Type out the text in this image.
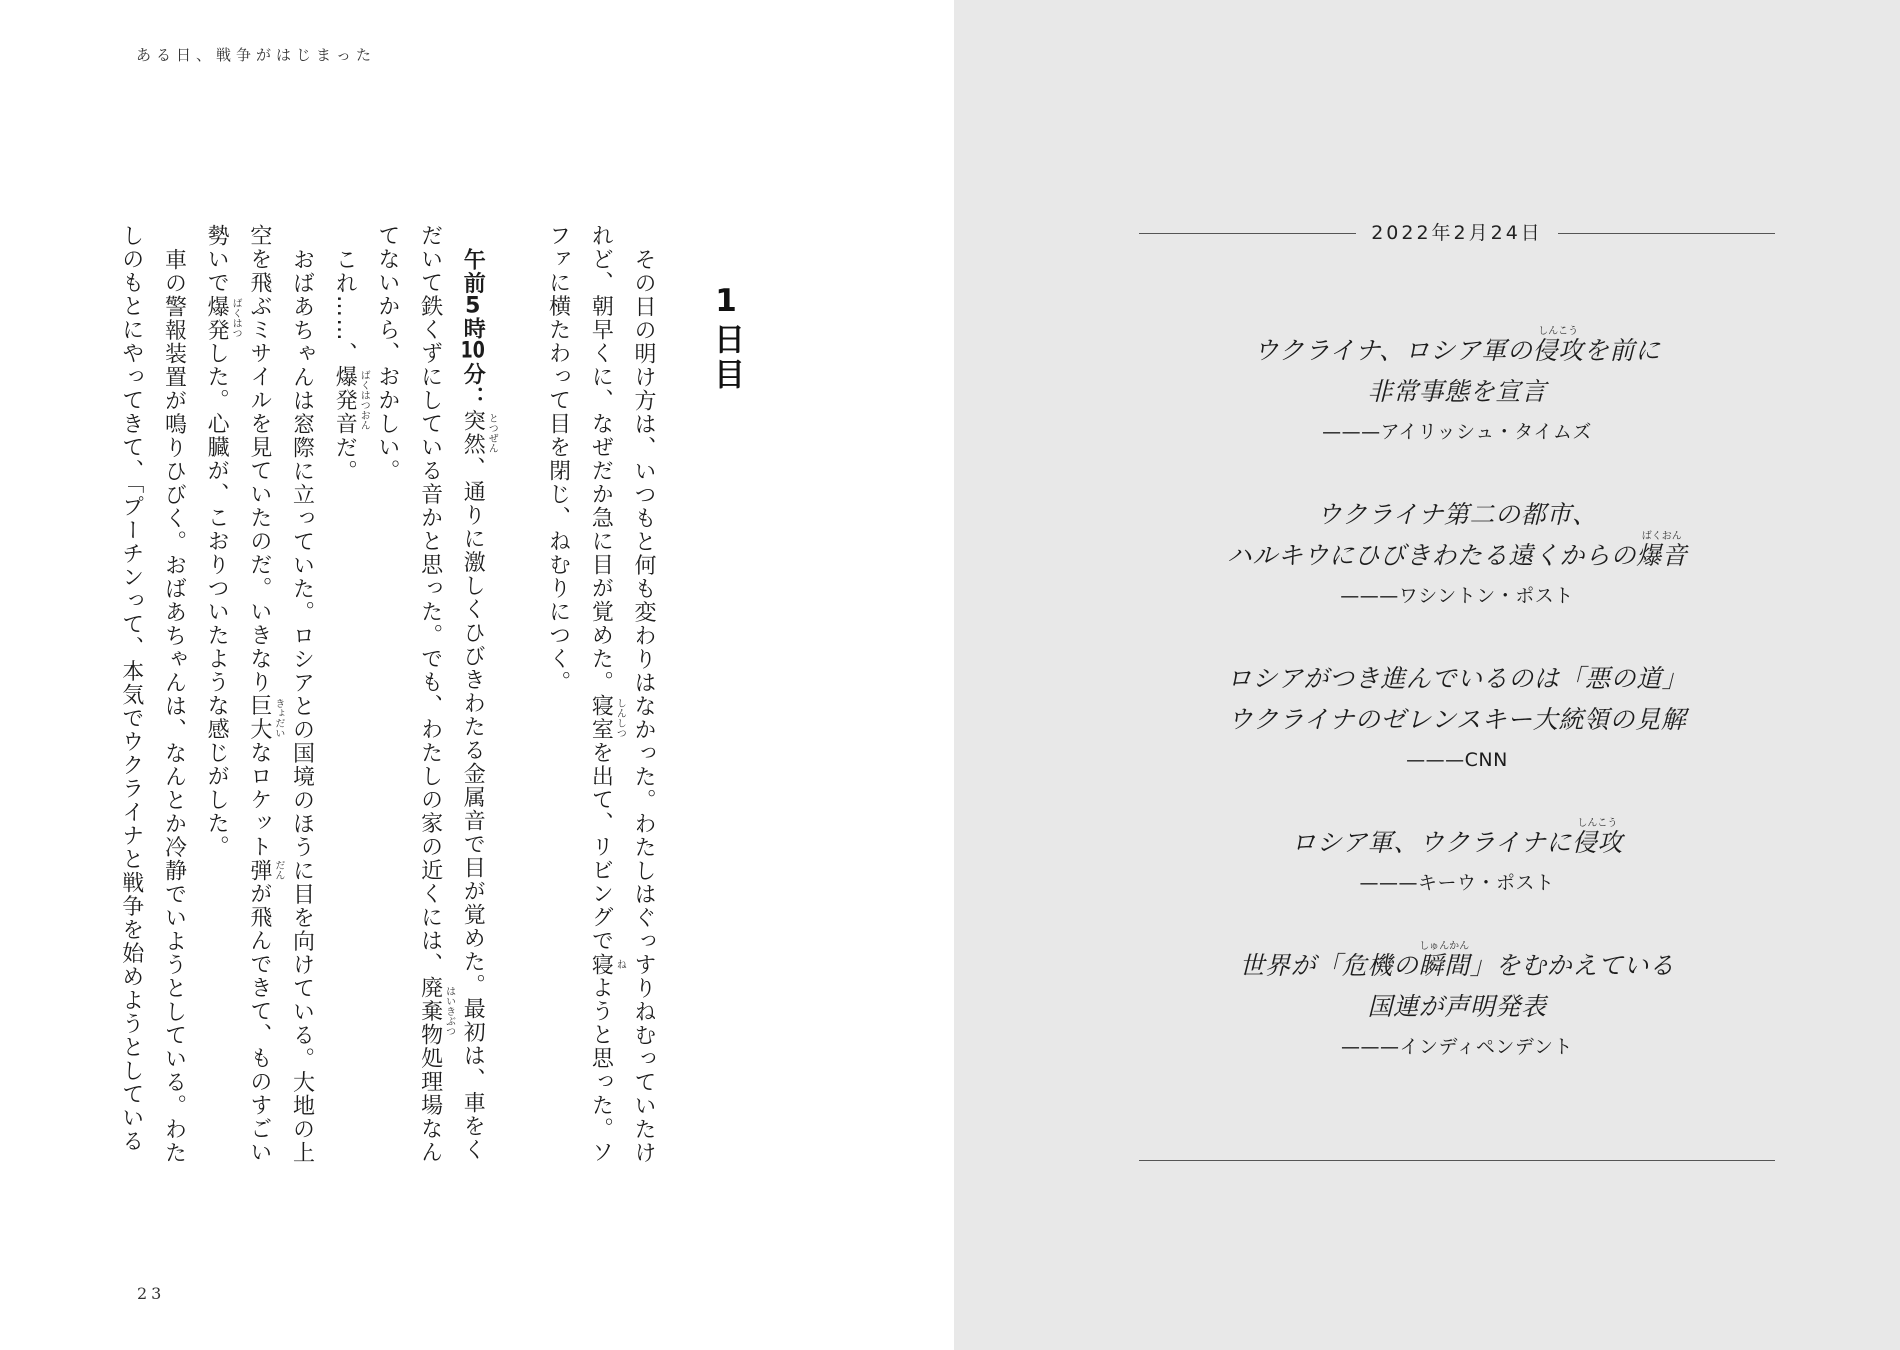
ある日、戦争がはじまった
1日目
その日の明け方は、いつもと何も変わりはなかった。わたしはぐっすりねむっていたけ
れど、朝早くに、なぜだか急に目が覚めた。寝室 しんしつ
を出て、リビングで寝 ね
ようと思った。ソ
ファに横たわって目を閉じ、ねむりにつく。
午前5時10分：突然 とつぜん
、通りに激しくひびきわたる金属音で目が覚めた。最初は、車をく
だいて鉄くずにしている音かと思った。でも、わたしの家の近くには、廃棄物 はいきぶつ
処理場なん
てないから、おかしい。
これ……、爆発音 ばくはつおん
だ。
おばあちゃんは窓際に立っていた。ロシアとの国境のほうに目を向けている。大地の上
空を飛ぶミサイルを見ていたのだ。いきなり巨大 きょだい
なロケット弾 だん
が飛んできて、ものすごい
勢いで爆発 ばくはつ
した。心臓が、こおりついたような感じがした。
車の警報装置が鳴りひびく。おばあちゃんは、なんとか冷静でいようとしている。わた
しのもとにやってきて、「プーチンって、本気でウクライナと戦争を始めようとしている
23
2022年2月24日
ウクライナ、ロシア軍の侵攻
しんこう
を前に
非常事態を宣言
———アイリッシュ・タイムズ
ウクライナ第二の都市、
ハルキウにひびきわたる遠くからの爆音
ばくおん
———ワシントン・ポスト
ロシアがつき進んでいるのは「悪の道」
ウクライナのゼレンスキー大統領の見解
———CNN
ロシア軍、ウクライナに侵攻
しんこう
———キーウ・ポスト
世界が「危機の瞬間
しゅんかん
」をむかえている
国連が声明発表
———インディペンデント
